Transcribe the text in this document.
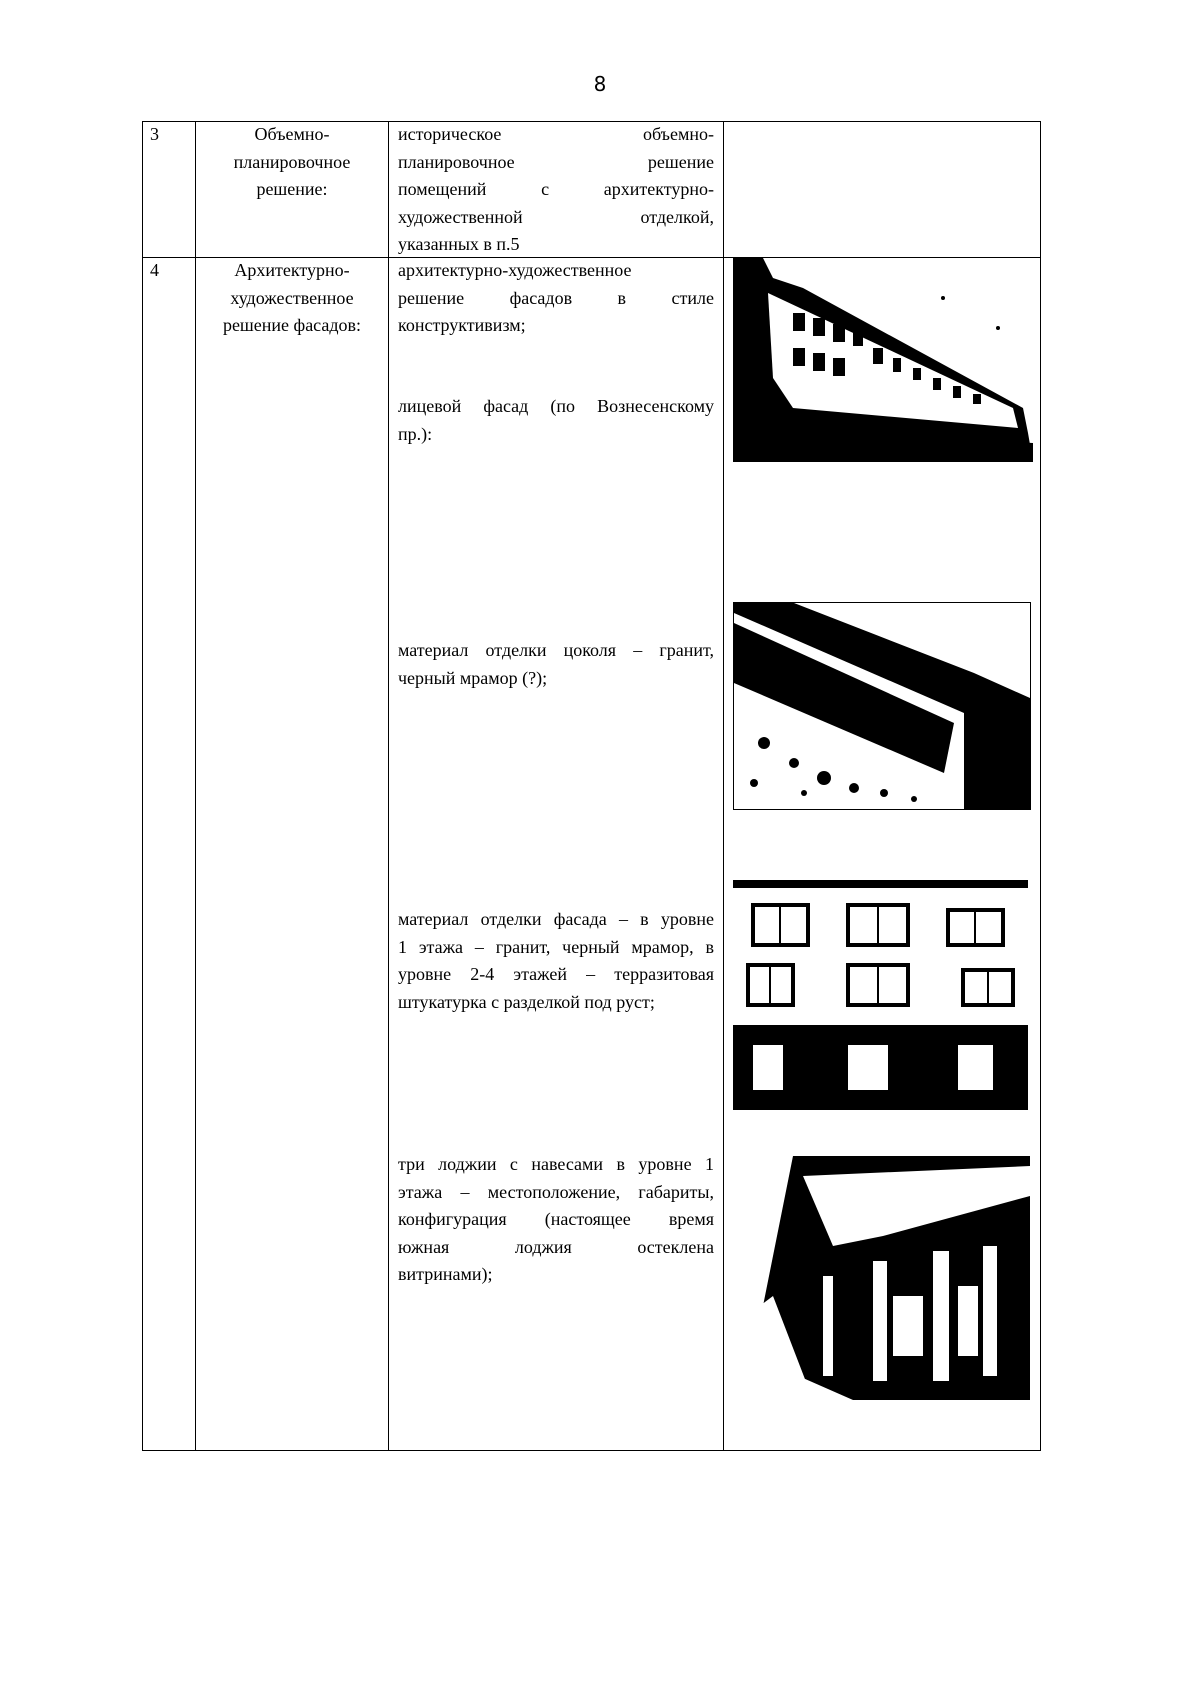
8
3	Объемно- планировочное решение:
историческое объемно-
планировочное решение
помещений с архитектурно-
художественной отделкой,
указанных в п.5
4	Архитектурно- художественное решение фасадов:
архитектурно-художественное
решение фасадов в стиле
конструктивизм;
лицевой фасад (по Вознесенскому
пр.):
материал отделки цоколя – гранит,
черный мрамор (?);
материал отделки фасада – в уровне
1 этажа – гранит, черный мрамор, в
уровне 2-4 этажей – терразитовая
штукатурка с разделкой под руст;
три лоджии с навесами в уровне 1
этажа – местоположение, габариты,
конфигурация (настоящее время
южная лоджия остеклена
витринами);
